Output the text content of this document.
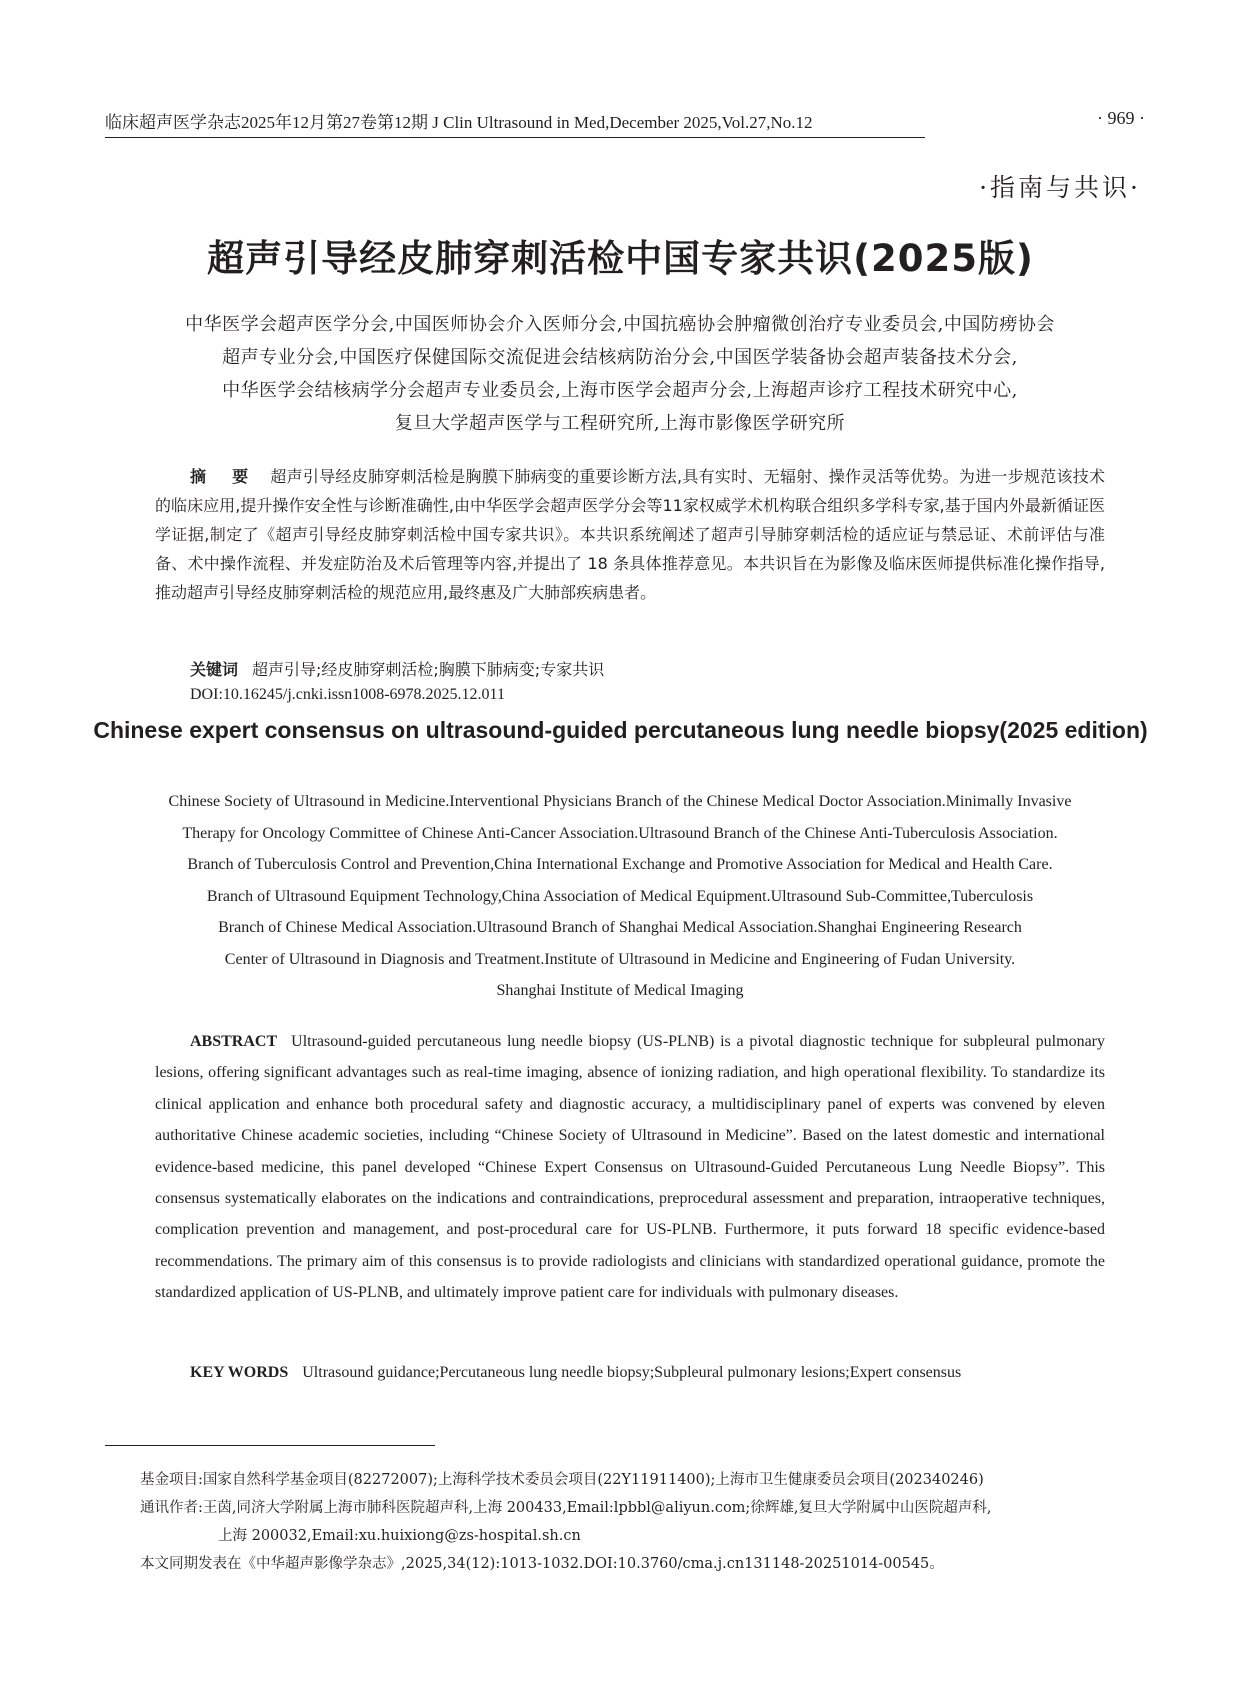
临床超声医学杂志2025年12月第27卷第12期 J Clin Ultrasound in Med,December 2025,Vol.27,No.12	· 969 ·
·指南与共识·
超声引导经皮肺穿刺活检中国专家共识(2025版)
中华医学会超声医学分会,中国医师协会介入医师分会,中国抗癌协会肿瘤微创治疗专业委员会,中国防痨协会
超声专业分会,中国医疗保健国际交流促进会结核病防治分会,中国医学装备协会超声装备技术分会,
中华医学会结核病学分会超声专业委员会,上海市医学会超声分会,上海超声诊疗工程技术研究中心,
复旦大学超声医学与工程研究所,上海市影像医学研究所
摘 要 超声引导经皮肺穿刺活检是胸膜下肺病变的重要诊断方法,具有实时、无辐射、操作灵活等优势。为进一步规范该技术的临床应用,提升操作安全性与诊断准确性,由中华医学会超声医学分会等11家权威学术机构联合组织多学科专家,基于国内外最新循证医学证据,制定了《超声引导经皮肺穿刺活检中国专家共识》。本共识系统阐述了超声引导肺穿刺活检的适应证与禁忌证、术前评估与准备、术中操作流程、并发症防治及术后管理等内容,并提出了 18 条具体推荐意见。本共识旨在为影像及临床医师提供标准化操作指导,推动超声引导经皮肺穿刺活检的规范应用,最终惠及广大肺部疾病患者。
关键词 超声引导;经皮肺穿刺活检;胸膜下肺病变;专家共识
DOI:10.16245/j.cnki.issn1008-6978.2025.12.011
Chinese expert consensus on ultrasound-guided percutaneous lung needle biopsy(2025 edition)
Chinese Society of Ultrasound in Medicine.Interventional Physicians Branch of the Chinese Medical Doctor Association.Minimally Invasive
Therapy for Oncology Committee of Chinese Anti-Cancer Association.Ultrasound Branch of the Chinese Anti-Tuberculosis Association.
Branch of Tuberculosis Control and Prevention,China International Exchange and Promotive Association for Medical and Health Care.
Branch of Ultrasound Equipment Technology,China Association of Medical Equipment.Ultrasound Sub-Committee,Tuberculosis
Branch of Chinese Medical Association.Ultrasound Branch of Shanghai Medical Association.Shanghai Engineering Research
Center of Ultrasound in Diagnosis and Treatment.Institute of Ultrasound in Medicine and Engineering of Fudan University.
Shanghai Institute of Medical Imaging
ABSTRACT Ultrasound-guided percutaneous lung needle biopsy (US-PLNB) is a pivotal diagnostic technique for subpleural pulmonary lesions, offering significant advantages such as real-time imaging, absence of ionizing radiation, and high operational flexibility. To standardize its clinical application and enhance both procedural safety and diagnostic accuracy, a multidisciplinary panel of experts was convened by eleven authoritative Chinese academic societies, including “Chinese Society of Ultrasound in Medicine”. Based on the latest domestic and international evidence-based medicine, this panel developed “Chinese Expert Consensus on Ultrasound-Guided Percutaneous Lung Needle Biopsy”. This consensus systematically elaborates on the indications and contraindications, preprocedural assessment and preparation, intraoperative techniques, complication prevention and management, and post-procedural care for US-PLNB. Furthermore, it puts forward 18 specific evidence-based recommendations. The primary aim of this consensus is to provide radiologists and clinicians with standardized operational guidance, promote the standardized application of US-PLNB, and ultimately improve patient care for individuals with pulmonary diseases.
KEY WORDS Ultrasound guidance;Percutaneous lung needle biopsy;Subpleural pulmonary lesions;Expert consensus
基金项目:国家自然科学基金项目(82272007);上海科学技术委员会项目(22Y11911400);上海市卫生健康委员会项目(202340246)
通讯作者:王茵,同济大学附属上海市肺科医院超声科,上海 200433,Email:lpbbl@aliyun.com;徐辉雄,复旦大学附属中山医院超声科,
上海 200032,Email:xu.huixiong@zs-hospital.sh.cn
本文同期发表在《中华超声影像学杂志》,2025,34(12):1013-1032.DOI:10.3760/cma.j.cn131148-20251014-00545。
